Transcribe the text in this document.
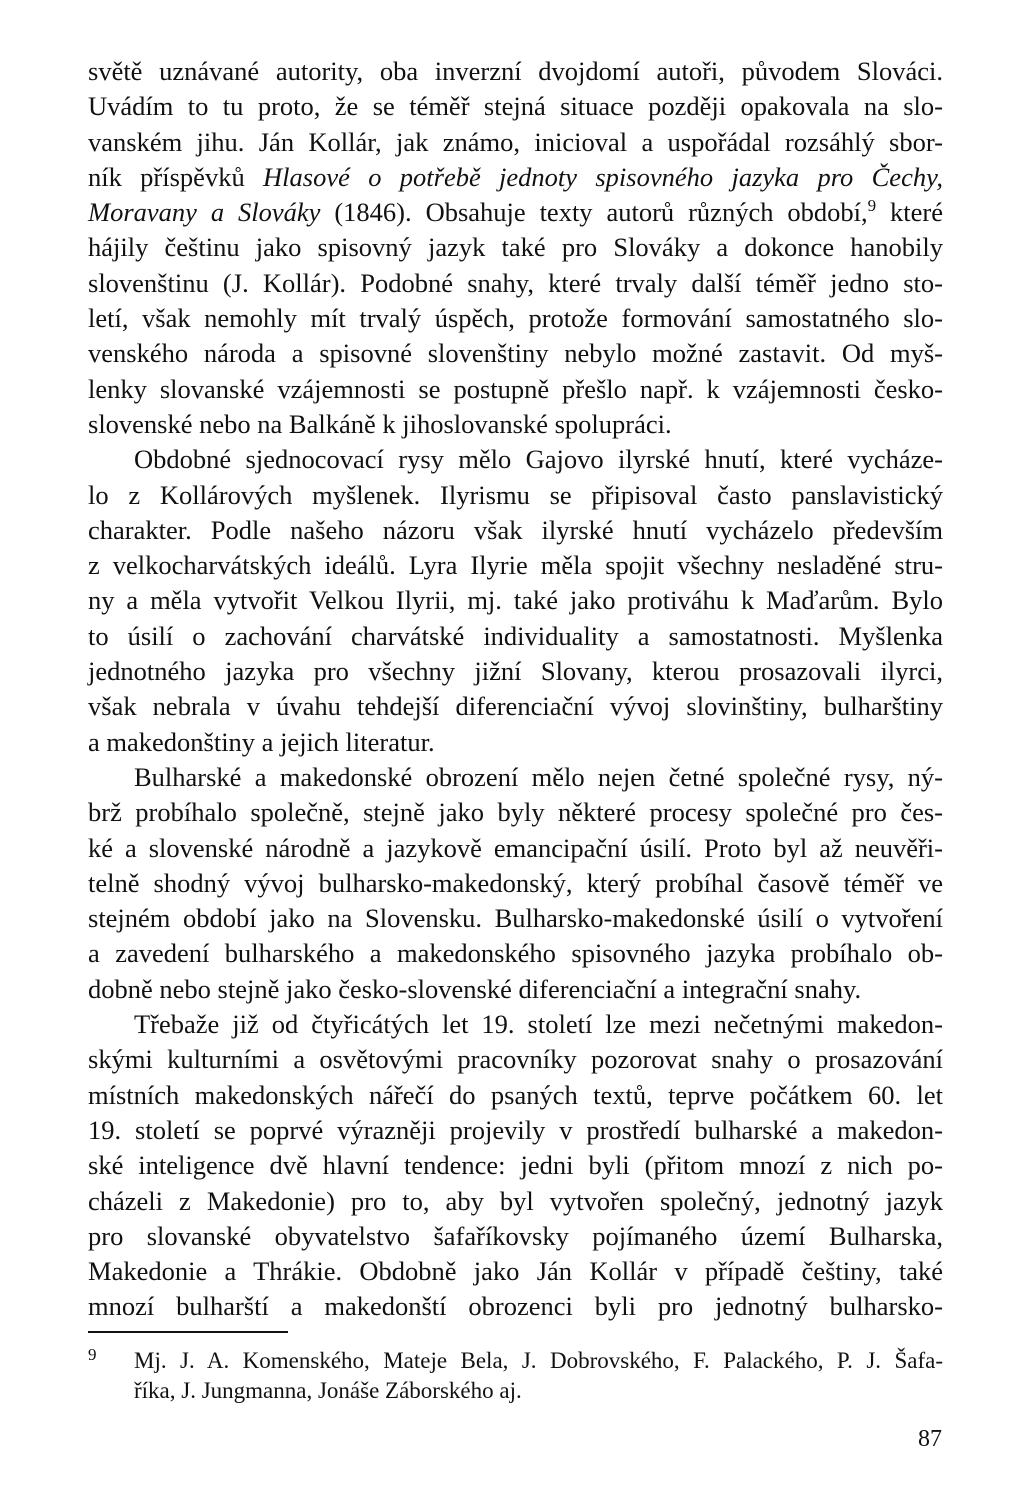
světě uznávané autority, oba inverzní dvojdomí autoři, původem Slováci.
Uvádím to tu proto, že se téměř stejná situace později opakovala na slo-
vanském jihu. Ján Kollár, jak známo, inicioval a uspořádal rozsáhlý sbor-
ník příspěvků Hlasové o potřebě jednoty spisovného jazyka pro Čechy,
Moravany a Slováky (1846). Obsahuje texty autorů různých období,$^9$ které
hájily češtinu jako spisovný jazyk také pro Slováky a dokonce hanobily
slovenštinu (J. Kollár). Podobné snahy, které trvaly další téměř jedno sto-
letí, však nemohly mít trvalý úspěch, protože formování samostatného slo-
venského národa a spisovné slovenštiny nebylo možné zastavit. Od myš-
lenky slovanské vzájemnosti se postupně přešlo např. k vzájemnosti česko-
slovenské nebo na Balkáně k jihoslovanské spolupráci.
Obdobné sjednocovací rysy mělo Gajovo ilyrské hnutí, které vycháze-
lo z Kollárových myšlenek. Ilyrismu se připisoval často panslavistický
charakter. Podle našeho názoru však ilyrské hnutí vycházelo především
z velkocharvátských ideálů. Lyra Ilyrie měla spojit všechny nesladěné stru-
ny a měla vytvořit Velkou Ilyrii, mj. také jako protiváhu k Maďarům. Bylo
to úsilí o zachování charvátské individuality a samostatnosti. Myšlenka
jednotného jazyka pro všechny jižní Slovany, kterou prosazovali ilyrci,
však nebrala v úvahu tehdejší diferenciační vývoj slovinštiny, bulharštiny
a makedonštiny a jejich literatur.
Bulharské a makedonské obrození mělo nejen četné společné rysy, ný-
brž probíhalo společně, stejně jako byly některé procesy společné pro čes-
ké a slovenské národně a jazykově emancipační úsilí. Proto byl až neuvěři-
telně shodný vývoj bulharsko-makedonský, který probíhal časově téměř ve
stejném období jako na Slovensku. Bulharsko-makedonské úsilí o vytvoření
a zavedení bulharského a makedonského spisovného jazyka probíhalo ob-
dobně nebo stejně jako česko-slovenské diferenciační a integrační snahy.
Třebaže již od čtyřicátých let 19. století lze mezi nečetnými makedon-
skými kulturními a osvětovými pracovníky pozorovat snahy o prosazování
místních makedonských nářečí do psaných textů, teprve počátkem 60. let
19. století se poprvé výrazněji projevily v prostředí bulharské a makedon-
ské inteligence dvě hlavní tendence: jedni byli (přitom mnozí z nich po-
cházeli z Makedonie) pro to, aby byl vytvořen společný, jednotný jazyk
pro slovanské obyvatelstvo šafaříkovsky pojímaného území Bulharska,
Makedonie a Thrákie. Obdobně jako Ján Kollár v případě češtiny, také
mnozí bulharští a makedonští obrozenci byli pro jednotný bulharsko-
9 Mj. J. A. Komenského, Mateje Bela, J. Dobrovského, F. Palackého, P. J. Šafa-
říka, J. Jungmanna, Jonáše Záborského aj.
87
